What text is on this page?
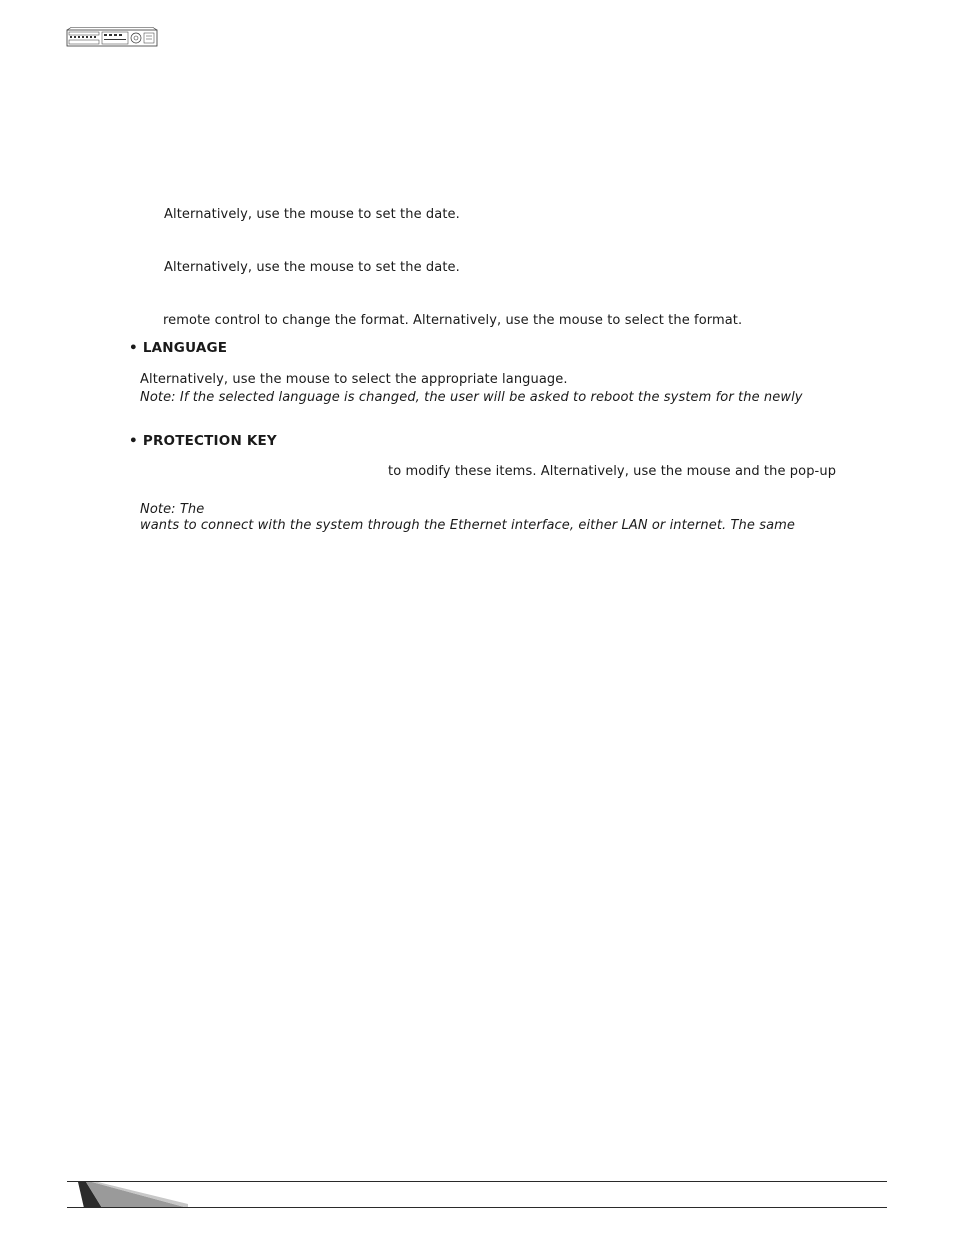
Alternatively, use the mouse to set the date.
Alternatively, use the mouse to set the date.
remote control to change the format. Alternatively, use the mouse to select the format.
• LANGUAGE
Alternatively, use the mouse to select the appropriate language.
Note: If the selected language is changed, the user will be asked to reboot the system for the newly
• PROTECTION KEY
to modify these items. Alternatively, use the mouse and the pop-up
Note: The
wants to connect with the system through the Ethernet interface, either LAN or internet. The same
